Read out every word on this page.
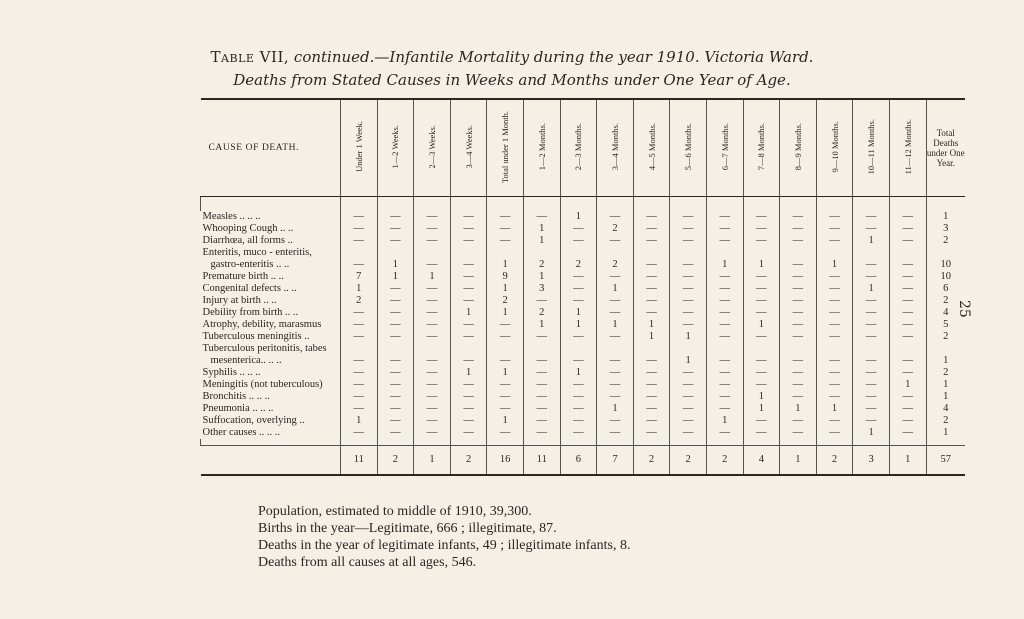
Table VII, continued.—Infantile Mortality during the year 1910. Victoria Ward.
Deaths from Stated Causes in Weeks and Months under One Year of Age.
CAUSE OF DEATH.	Under 1 Week.	1—2 Weeks.	2—3 Weeks.	3—4 Weeks.	Total under 1 Month.	1—2 Months.	2—3 Months.	3—4 Months.	4—5 Months.	5—6 Months.	6—7 Months.	7—8 Months.	8—9 Months.	9—10 Months.	10—11 Months.	11—12 Months.	Total Deaths under One Year.

Measles .. .. ..	—	—	—	—	—	—	1	—	—	—	—	—	—	—	—	—	1
Whooping Cough .. ..	—	—	—	—	—	1	—	2	—	—	—	—	—	—	—	—	3
Diarrhœa, all forms ..	—	—	—	—	—	1	—	—	—	—	—	—	—	—	1	—	2
Enteritis, muco - enteritis,																	
gastro-enteritis .. ..	—	1	—	—	1	2	2	2	—	—	1	1	—	1	—	—	10
Premature birth .. ..	7	1	1	—	9	1	—	—	—	—	—	—	—	—	—	—	10
Congenital defects .. ..	1	—	—	—	1	3	—	1	—	—	—	—	—	—	1	—	6
Injury at birth .. ..	2	—	—	—	2	—	—	—	—	—	—	—	—	—	—	—	2
Debility from birth .. ..	—	—	—	1	1	2	1	—	—	—	—	—	—	—	—	—	4
Atrophy, debility, marasmus	—	—	—	—	—	1	1	1	1	—	—	1	—	—	—	—	5
Tuberculous meningitis ..	—	—	—	—	—	—	—	—	1	1	—	—	—	—	—	—	2
Tuberculous peritonitis, tabes																	
mesenterica.. .. ..	—	—	—	—	—	—	—	—	—	1	—	—	—	—	—	—	1
Syphilis .. .. ..	—	—	—	1	1	—	1	—	—	—	—	—	—	—	—	—	2
Meningitis (not tuberculous)	—	—	—	—	—	—	—	—	—	—	—	—	—	—	—	1	1
Bronchitis .. .. ..	—	—	—	—	—	—	—	—	—	—	—	1	—	—	—	—	1
Pneumonia .. .. ..	—	—	—	—	—	—	—	1	—	—	—	1	1	1	—	—	4
Suffocation, overlying ..	1	—	—	—	1	—	—	—	—	—	1	—	—	—	—	—	2
Other causes .. .. ..	—	—	—	—	—	—	—	—	—	—	—	—	—	—	1	—	1

	11	2	1	2	16	11	6	7	2	2	2	4	1	2	3	1	57
Population, estimated to middle of 1910, 39,300.
Births in the year—Legitimate, 666 ; illegitimate, 87.
Deaths in the year of legitimate infants, 49 ; illegitimate infants, 8.
Deaths from all causes at all ages, 546.
25
